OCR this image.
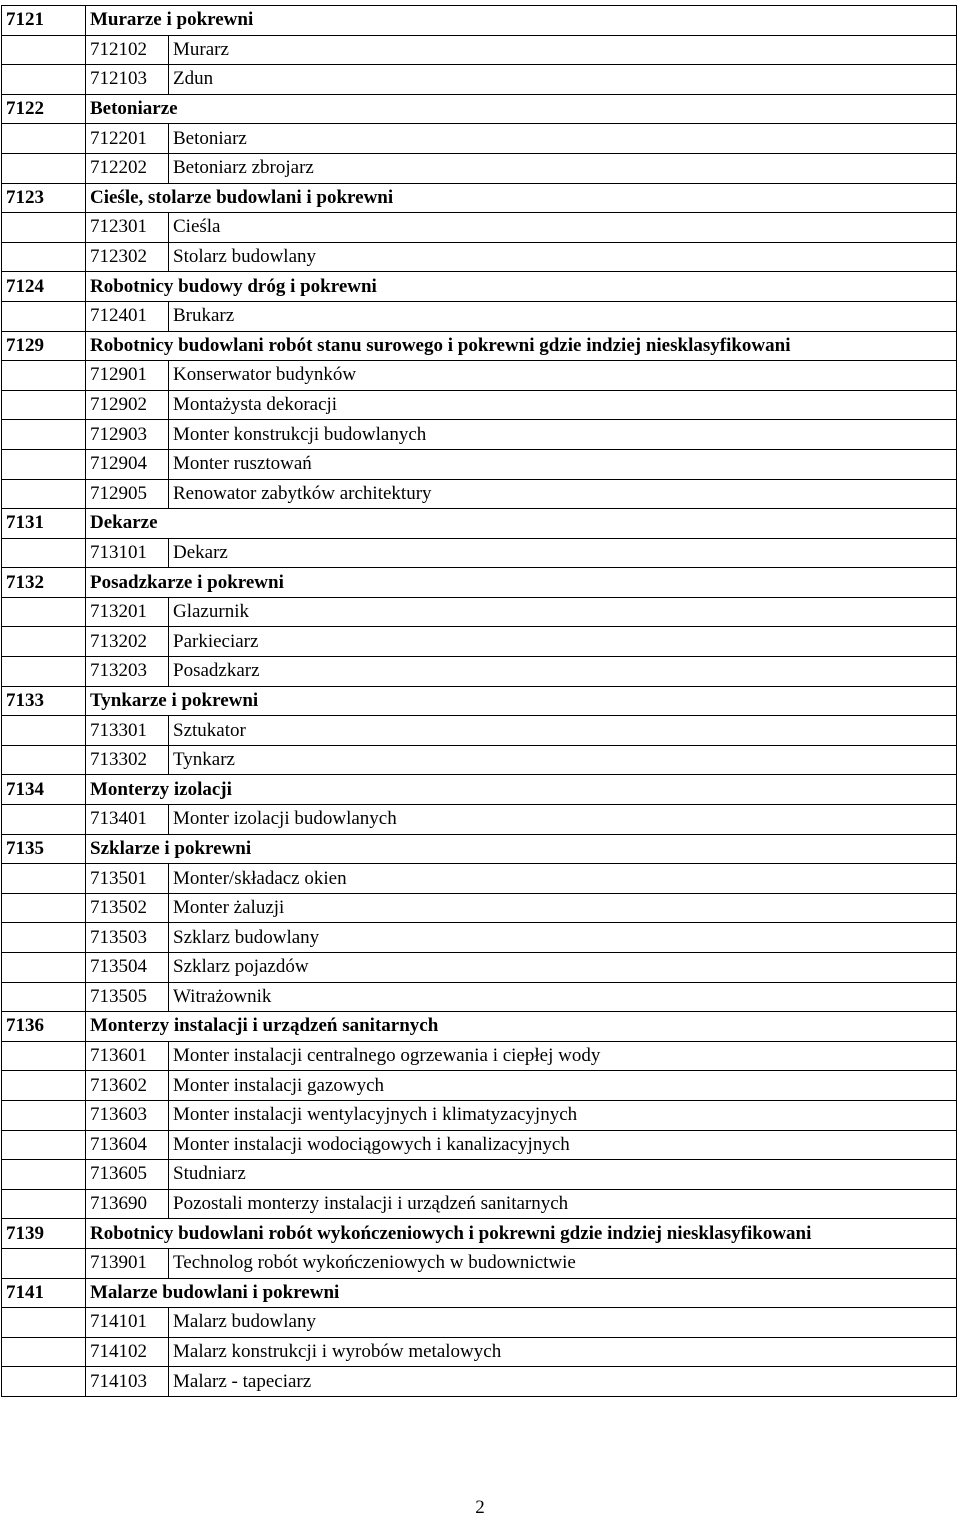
7121	Murarze i pokrewni	
	712102	Murarz
	712103	Zdun
7122	Betoniarze	
	712201	Betoniarz
	712202	Betoniarz zbrojarz
7123	Cieśle, stolarze budowlani i pokrewni	
	712301	Cieśla
	712302	Stolarz budowlany
7124	Robotnicy budowy dróg i pokrewni	
	712401	Brukarz
7129	Robotnicy budowlani robót stanu surowego i pokrewni gdzie indziej niesklasyfikowani	
	712901	Konserwator budynków
	712902	Montażysta dekoracji
	712903	Monter konstrukcji budowlanych
	712904	Monter rusztowań
	712905	Renowator zabytków architektury
7131	Dekarze	
	713101	Dekarz
7132	Posadzkarze i pokrewni	
	713201	Glazurnik
	713202	Parkieciarz
	713203	Posadzkarz
7133	Tynkarze i pokrewni	
	713301	Sztukator
	713302	Tynkarz
7134	Monterzy izolacji	
	713401	Monter izolacji budowlanych
7135	Szklarze i pokrewni	
	713501	Monter/składacz okien
	713502	Monter żaluzji
	713503	Szklarz budowlany
	713504	Szklarz pojazdów
	713505	Witrażownik
7136	Monterzy instalacji i urządzeń sanitarnych	
	713601	Monter instalacji centralnego ogrzewania i ciepłej wody
	713602	Monter instalacji gazowych
	713603	Monter instalacji wentylacyjnych i klimatyzacyjnych
	713604	Monter instalacji wodociągowych i kanalizacyjnych
	713605	Studniarz
	713690	Pozostali monterzy instalacji i urządzeń sanitarnych
7139	Robotnicy budowlani robót wykończeniowych i pokrewni gdzie indziej niesklasyfikowani	
	713901	Technolog robót wykończeniowych w budownictwie
7141	Malarze budowlani i pokrewni	
	714101	Malarz budowlany
	714102	Malarz konstrukcji i wyrobów metalowych
	714103	Malarz - tapeciarz
2
